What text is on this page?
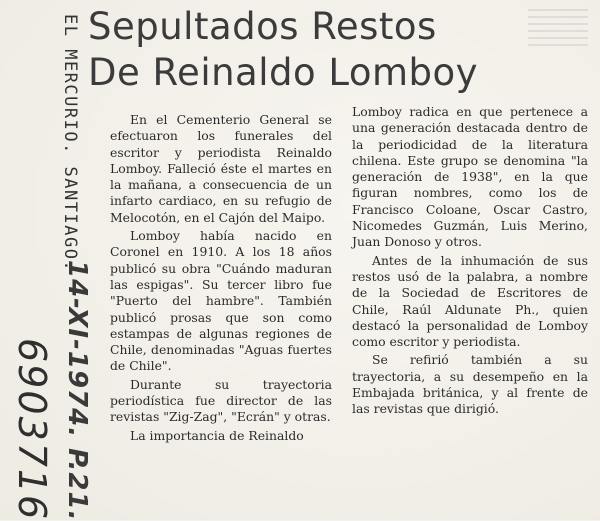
EL MERCURIO. SANTIAGO.
14-XI-1974. P.21.
6903716
Sepultados Restos
De Reinaldo Lomboy

En el Cementerio General se efectuaron los funerales del escritor y periodista Reinaldo Lomboy. Falleció éste el martes en la mañana, a consecuencia de un infarto cardiaco, en su refugio de Melocotón, en el Cajón del Maipo.

Lomboy había nacido en Coronel en 1910. A los 18 años publicó su obra "Cuándo maduran las espigas". Su tercer libro fue "Puerto del hambre". También publicó prosas que son como estampas de algunas regiones de Chile, denominadas "Aguas fuertes de Chile".

Durante su trayectoria periodística fue director de las revistas "Zig-Zag", "Ecrán" y otras.

La importancia de Reinaldo

Lomboy radica en que pertenece a una generación destacada dentro de la periodicidad de la literatura chilena. Este grupo se denomina "la generación de 1938", en la que figuran nombres, como los de Francisco Coloane, Oscar Castro, Nicomedes Guzmán, Luis Merino, Juan Donoso y otros.

Antes de la inhumación de sus restos usó de la palabra, a nombre de la Sociedad de Escritores de Chile, Raúl Aldunate Ph., quien destacó la personalidad de Lomboy como escritor y periodista.

Se refirió también a su trayectoria, a su desempeño en la Embajada británica, y al frente de las revistas que dirigió.
